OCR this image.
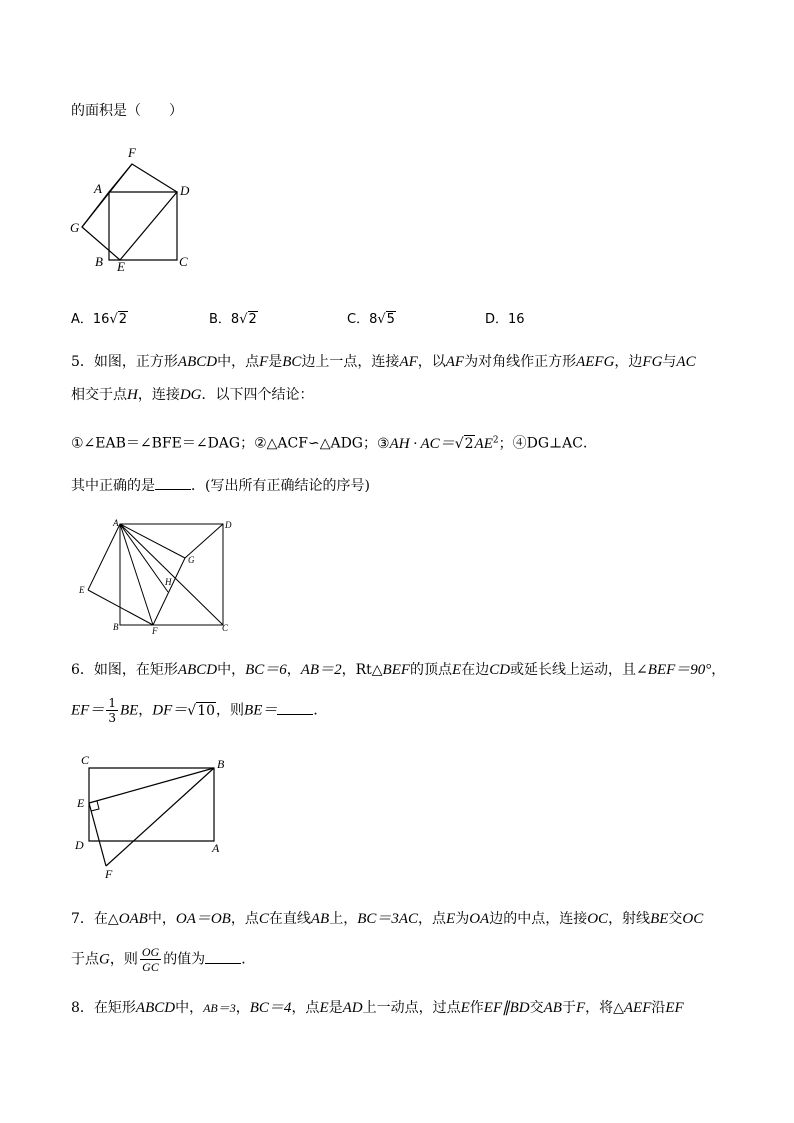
的面积是（　　）
F
A	D
G
B E	C
A．16√2	B．8√2	C．8√5	D．16
5．如图，正方形ABCD中，点F是BC边上一点，连接AF，以AF为对角线作正方形AEFG，边FG与AC
相交于点H，连接DG．以下四个结论：
①∠EAB＝∠BFE＝∠DAG；②△ACF∽△ADG；③AH · $AC=√2AE^2$；④DG⊥AC．
其中正确的是	．(写出所有正确结论的序号)
A	D
G
H
E
B	F	C
6．如图，在矩形ABCD中，BC＝6，AB＝2，Rt△BEF的顶点E在边CD或延长线上运动，且∠BEF＝90°，
$EF= \frac{1}{3}$ BE，DF＝√10，则BE＝	．
C	B
E
D	A
F
7．在△OAB中，OA＝OB，点C在直线AB上，BC＝3AC，点E为OA边的中点，连接OC，射线BE交OC
于点G，则 $\frac{OG}{GC}$ 的值为	．
8．在矩形ABCD中，AB＝3，BC＝4，点E是AD上一动点，过点E作EF∥BD交AB于F，将△AEF沿EF
